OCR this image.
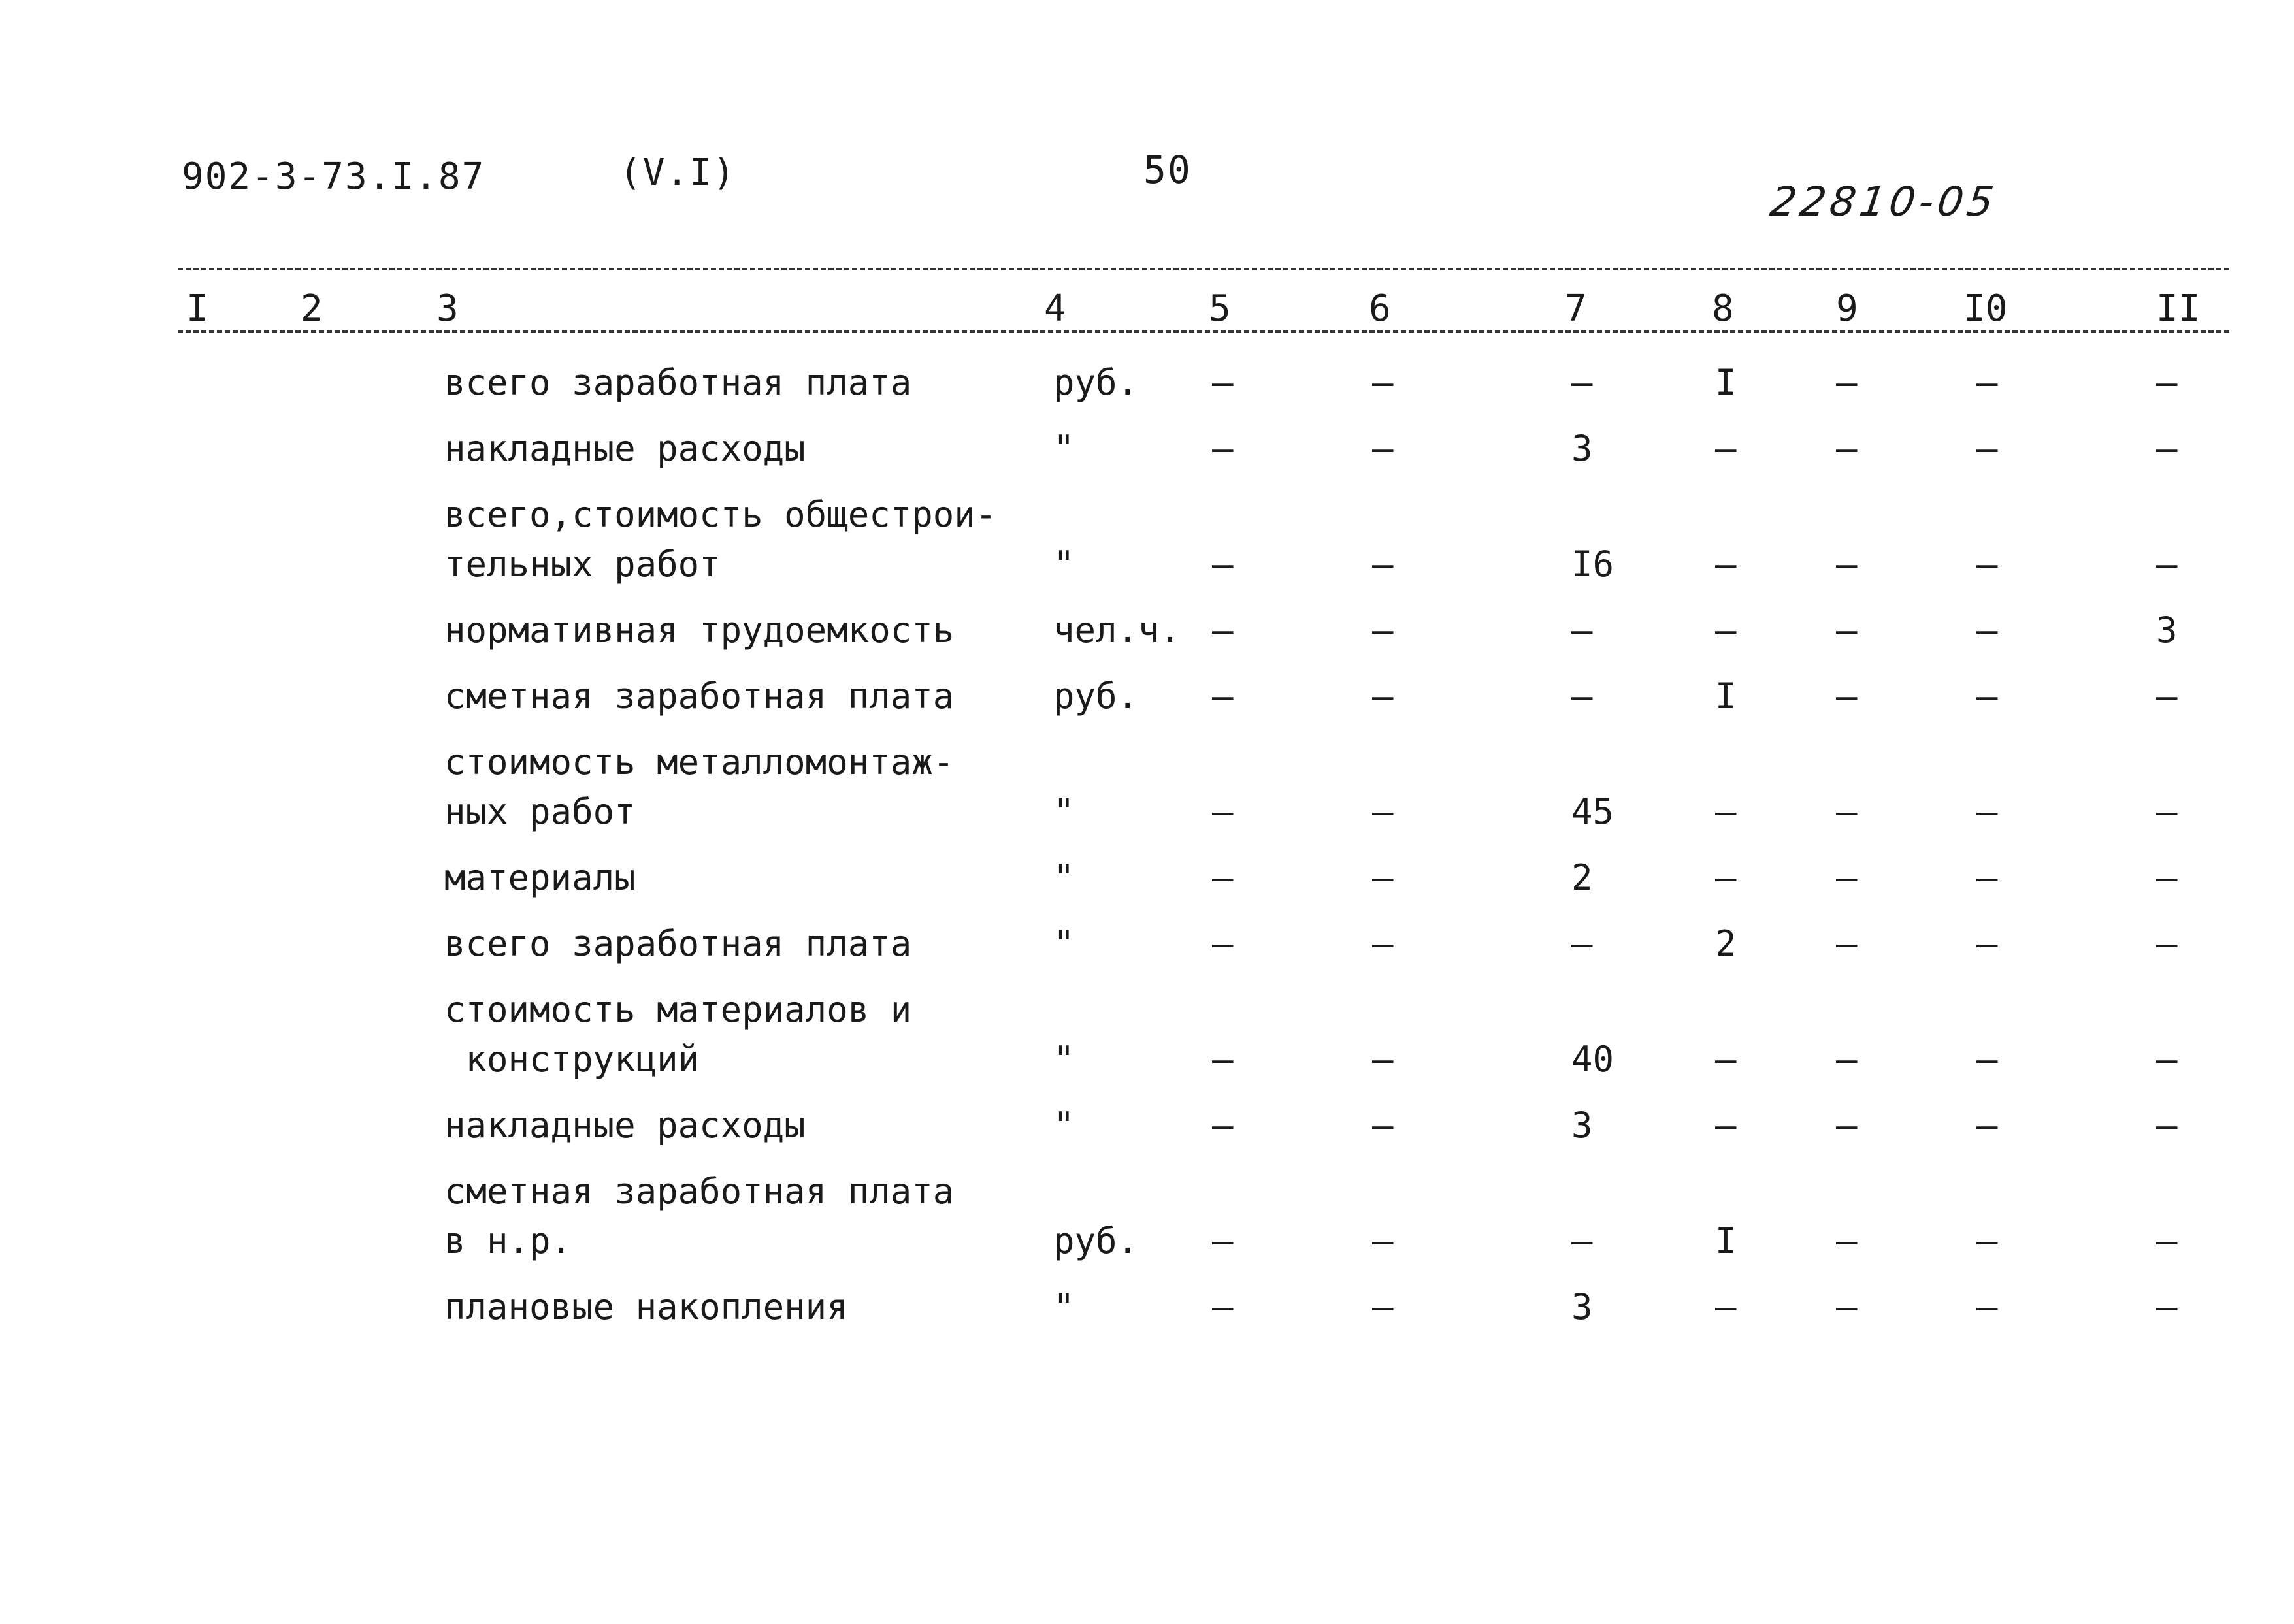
902-3-73.I.87	(V.I)	50
22810-05
I	2	3	4	5	6	7	8	9	I0	II
всего заработная плата	руб. –	–	–	I	–	–	–
накладные расходы	"	–	–	3	–	–	–	–
всего,стоимость общестрои-
тельных работ	"	–	–	I6	–	–	–	–
нормативная трудоемкость	чел.ч. –	–	–	–	–	–	3
сметная заработная плата	руб. –	–	–	I	–	–	–
стоимость металломонтаж-
ных работ	"	–	–	45	–	–	–	–
материалы	"	–	–	2	–	–	–	–
всего заработная плата	"	–	–	–	2	–	–	–
стоимость материалов и
конструкций	"	–	–	40	–	–	–	–
накладные расходы	"	–	–	3	–	–	–	–
сметная заработная плата
в н.р.	руб. –	–	–	I	–	–	–
плановые накопления	"	–	–	3	–	–	–	–
